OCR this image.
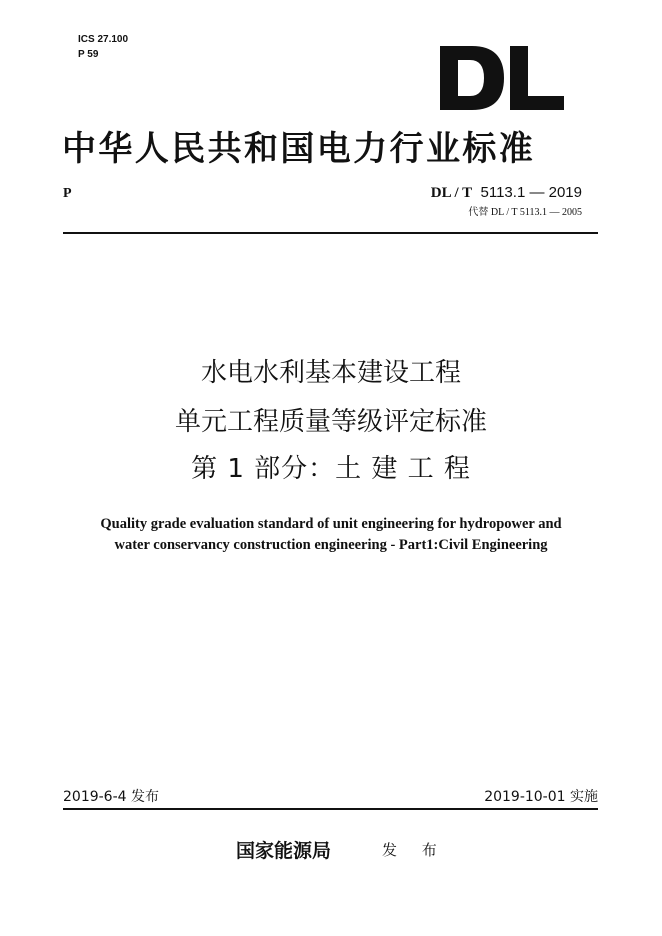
ICS 27.100
P 59
中华人民共和国电力行业标准
P	DL / T 5113.1 — 2019
代替 DL / T 5113.1 — 2005
水电水利基本建设工程
单元工程质量等级评定标准
第 1 部分：土 建 工 程
Quality grade evaluation standard of unit engineering for hydropower and
water conservancy construction engineering - Part1:Civil Engineering
2019-6-4 发布	2019-10-01 实施
国家能源局	发 布
